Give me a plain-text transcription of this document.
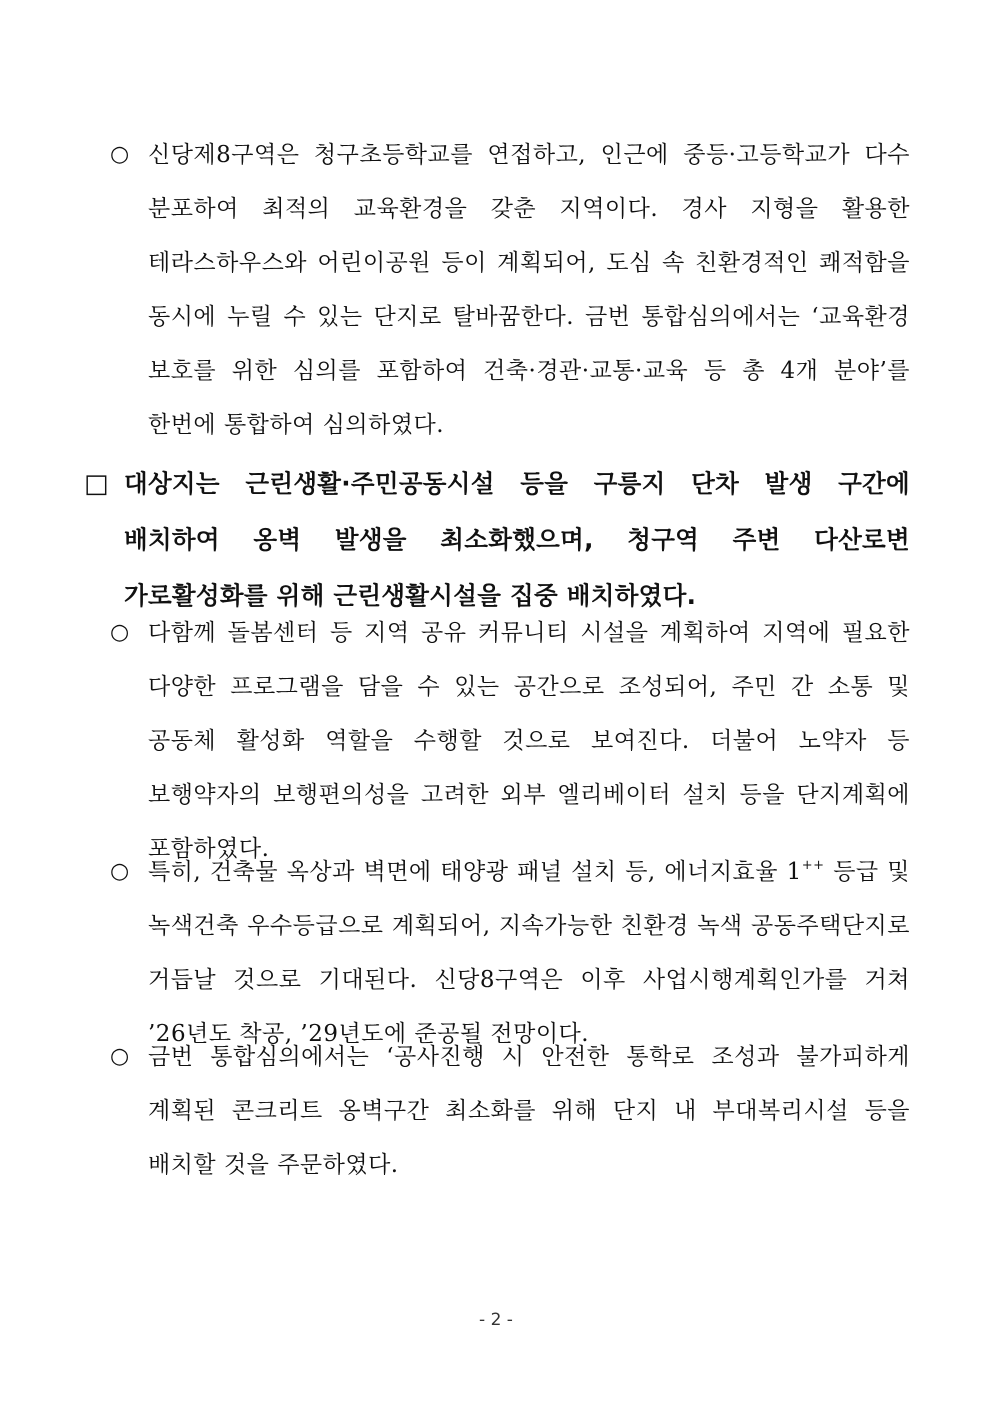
○ 신당제8구역은 청구초등학교를 연접하고, 인근에 중등·고등학교가 다수 분포하여 최적의 교육환경을 갖춘 지역이다. 경사 지형을 활용한 테라스하우스와 어린이공원 등이 계획되어, 도심 속 친환경적인 쾌적함을 동시에 누릴 수 있는 단지로 탈바꿈한다. 금번 통합심의에서는 ‘교육환경 보호를 위한 심의를 포함하여 건축·경관·교통·교육 등 총 4개 분야’를 한번에 통합하여 심의하였다.
□ 대상지는 근린생활·주민공동시설 등을 구릉지 단차 발생 구간에 배치하여 옹벽 발생을 최소화했으며, 청구역 주변 다산로변 가로활성화를 위해 근린생활시설을 집중 배치하였다.
○ 다함께 돌봄센터 등 지역 공유 커뮤니티 시설을 계획하여 지역에 필요한 다양한 프로그램을 담을 수 있는 공간으로 조성되어, 주민 간 소통 및 공동체 활성화 역할을 수행할 것으로 보여진다. 더불어 노약자 등 보행약자의 보행편의성을 고려한 외부 엘리베이터 설치 등을 단지계획에 포함하였다.
○ 특히, 건축물 옥상과 벽면에 태양광 패널 설치 등, 에너지효율 1++ 등급 및 녹색건축 우수등급으로 계획되어, 지속가능한 친환경 녹색 공동주택단지로 거듭날 것으로 기대된다. 신당8구역은 이후 사업시행계획인가를 거쳐 ’26년도 착공, ’29년도에 준공될 전망이다.
○ 금번 통합심의에서는 ‘공사진행 시 안전한 통학로 조성과 불가피하게 계획된 콘크리트 옹벽구간 최소화를 위해 단지 내 부대복리시설 등을 배치할 것을 주문하였다.
- 2 -
